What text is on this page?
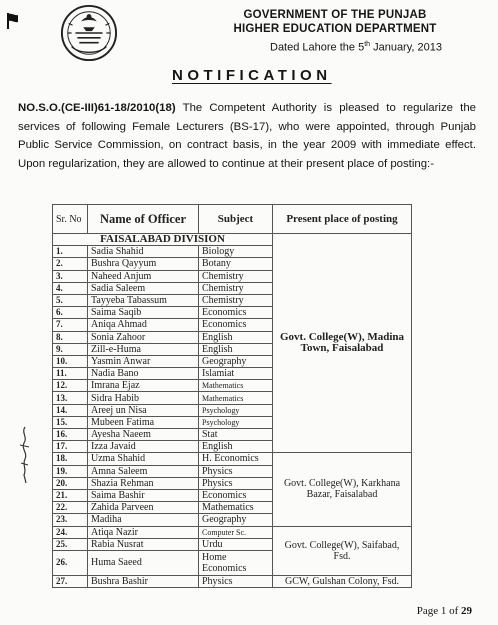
GOVERNMENT OF THE PUNJAB
HIGHER EDUCATION DEPARTMENT
Dated Lahore the 5th January, 2013
NOTIFICATION
NO.S.O.(CE-III)61-18/2010(18) The Competent Authority is pleased to regularize the services of following Female Lecturers (BS-17), who were appointed, through Punjab Public Service Commission, on contract basis, in the year 2009 with immediate effect. Upon regularization, they are allowed to continue at their present place of posting:-
Sr. No	Name of Officer	Subject	Present place of posting
FAISALABAD DIVISION			Govt. College(W), Madina Town, Faisalabad
1.	Sadia Shahid	Biology	
2.	Bushra Qayyum	Botany	
3.	Naheed Anjum	Chemistry	
4.	Sadia Saleem	Chemistry	
5.	Tayyeba Tabassum	Chemistry	
6.	Saima Saqib	Economics	
7.	Aniqa Ahmad	Economics	
8.	Sonia Zahoor	English	
9.	Zill-e-Huma	English	
10.	Yasmin Anwar	Geography	
11.	Nadia Bano	Islamiat	
12.	Imrana Ejaz	Mathematics	
13.	Sidra Habib	Mathematics	
14.	Areej un Nisa	Psychology	
15.	Mubeen Fatima	Psychology	
16.	Ayesha Naeem	Stat	
17.	Izza Javaid	English	
18.	Uzma Shahid	H. Economics	Govt. College(W), Karkhana Bazar, Faisalabad
19.	Amna Saleem	Physics	
20.	Shazia Rehman	Physics	
21.	Saima Bashir	Economics	
22.	Zahida Parveen	Mathematics	
23.	Madiha	Geography	
24.	Atiqa Nazir	Computer Sc.	Govt. College(W), Saifabad, Fsd.
25.	Rabia Nusrat	Urdu	
26.	Huma Saeed	Home Economics	
27.	Bushra Bashir	Physics	GCW, Gulshan Colony, Fsd.
Page 1 of 29
